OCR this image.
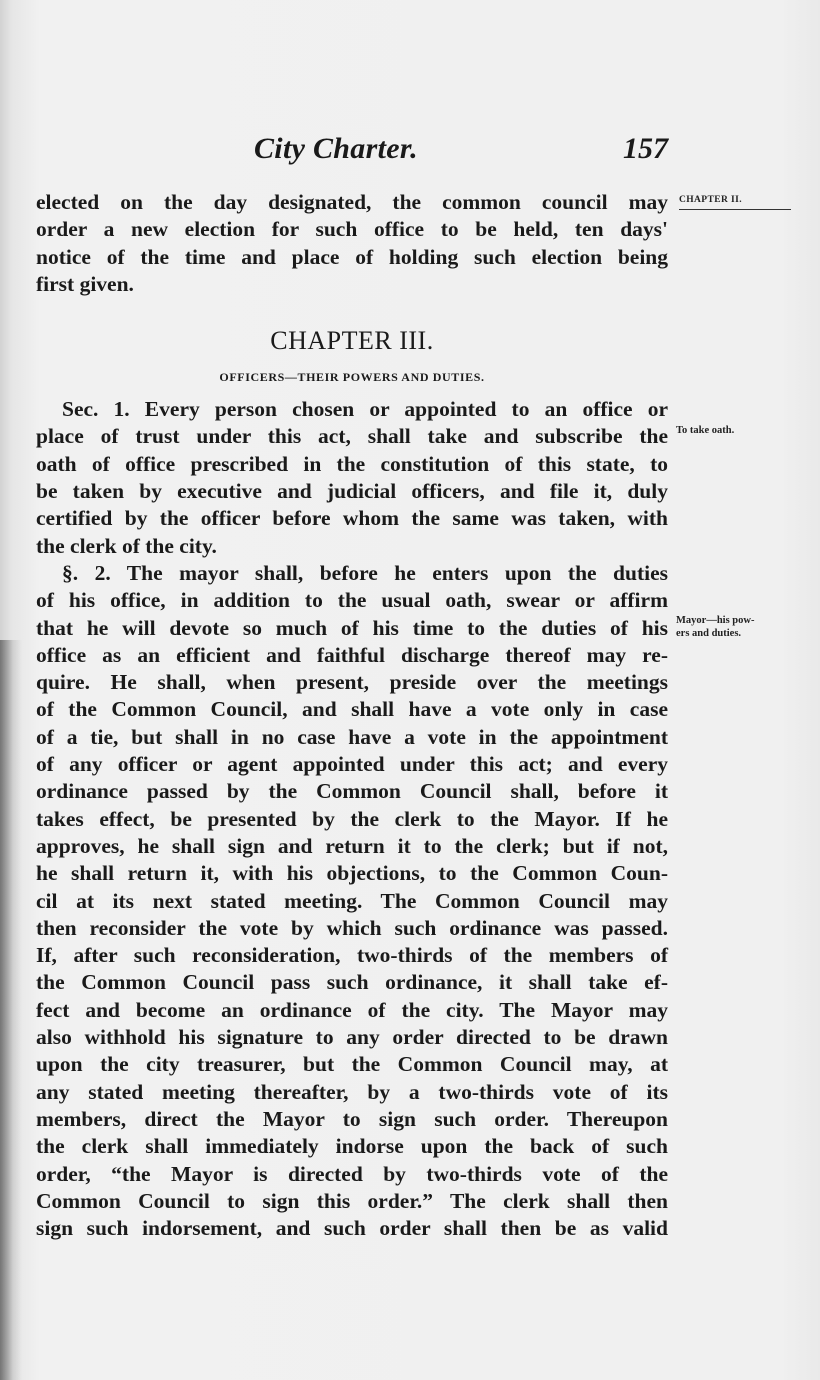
City Charter.	157
CHAPTER II.
To take oath.
Mayor—his pow-
ers and duties.
elected on the day designated, the common council may
order a new election for such office to be held, ten days'
notice of the time and place of holding such election being
first given.
CHAPTER III.
OFFICERS—THEIR POWERS AND DUTIES.
Sec. 1. Every person chosen or appointed to an office or
place of trust under this act, shall take and subscribe the
oath of office prescribed in the constitution of this state, to
be taken by executive and judicial officers, and file it, duly
certified by the officer before whom the same was taken, with
the clerk of the city.
§. 2. The mayor shall, before he enters upon the duties
of his office, in addition to the usual oath, swear or affirm
that he will devote so much of his time to the duties of his
office as an efficient and faithful discharge thereof may re-
quire. He shall, when present, preside over the meetings
of the Common Council, and shall have a vote only in case
of a tie, but shall in no case have a vote in the appointment
of any officer or agent appointed under this act; and every
ordinance passed by the Common Council shall, before it
takes effect, be presented by the clerk to the Mayor. If he
approves, he shall sign and return it to the clerk; but if not,
he shall return it, with his objections, to the Common Coun-
cil at its next stated meeting. The Common Council may
then reconsider the vote by which such ordinance was passed.
If, after such reconsideration, two-thirds of the members of
the Common Council pass such ordinance, it shall take ef-
fect and become an ordinance of the city. The Mayor may
also withhold his signature to any order directed to be drawn
upon the city treasurer, but the Common Council may, at
any stated meeting thereafter, by a two-thirds vote of its
members, direct the Mayor to sign such order. Thereupon
the clerk shall immediately indorse upon the back of such
order, “the Mayor is directed by two-thirds vote of the
Common Council to sign this order.” The clerk shall then
sign such indorsement, and such order shall then be as valid
